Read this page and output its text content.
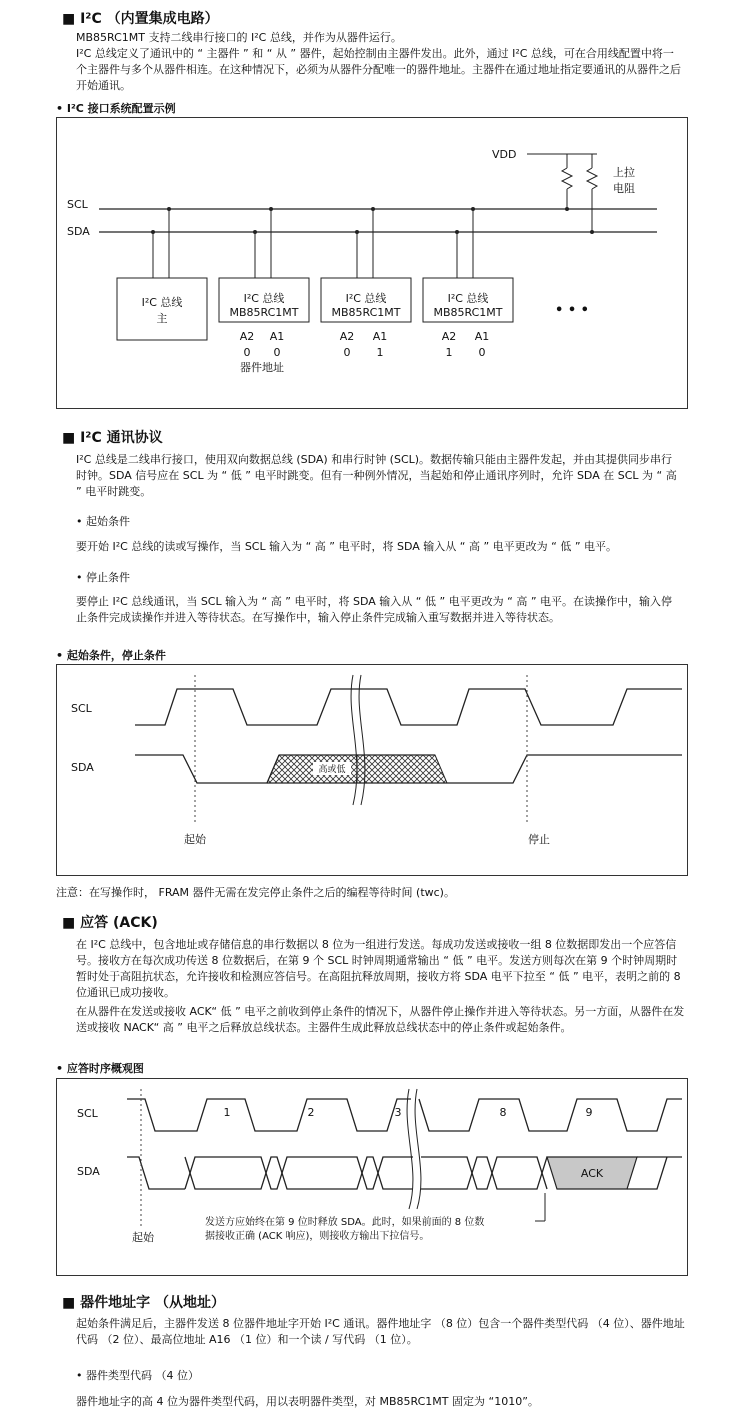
■ I²C （内置集成电路）
MB85RC1MT 支持二线串行接口的 I²C 总线，并作为从器件运行。
I²C 总线定义了通讯中的 “ 主器件 ” 和 “ 从 ” 器件，起始控制由主器件发出。此外，通过 I²C 总线，可在合用线配置中将一个主器件与多个从器件相连。在这种情况下，必须为从器件分配唯一的器件地址。主器件在通过地址指定要通讯的从器件之后开始通讯。
• I²C 接口系统配置示例
VDD
上拉
电阻
SCL
SDA
I²C 总线
主
I²C 总线
MB85RC1MT
A2 A1
0 0
器件地址
I²C 总线
MB85RC1MT
A2 A1
0 1
I²C 总线
MB85RC1MT
A2 A1
1 0
• • •
■ I²C 通讯协议
I²C 总线是二线串行接口，使用双向数据总线 (SDA) 和串行时钟 (SCL)。数据传输只能由主器件发起，并由其提供同步串行时钟。SDA 信号应在 SCL 为 “ 低 ” 电平时跳变。但有一种例外情况，当起始和停止通讯序列时，允许 SDA 在 SCL 为 “ 高 ” 电平时跳变。
• 起始条件
要开始 I²C 总线的读或写操作，当 SCL 输入为 “ 高 ” 电平时，将 SDA 输入从 “ 高 ” 电平更改为 “ 低 ” 电平。
• 停止条件
要停止 I²C 总线通讯，当 SCL 输入为 “ 高 ” 电平时，将 SDA 输入从 “ 低 ” 电平更改为 “ 高 ” 电平。在读操作中，输入停止条件完成读操作并进入等待状态。在写操作中，输入停止条件完成输入重写数据并进入等待状态。
• 起始条件，停止条件
SCL
SDA	高或低
起始	停止
注意：在写操作时， FRAM 器件无需在发完停止条件之后的编程等待时间 (twc)。
■ 应答 (ACK)
在 I²C 总线中，包含地址或存储信息的串行数据以 8 位为一组进行发送。每成功发送或接收一组 8 位数据即发出一个应答信号。接收方在每次成功传送 8 位数据后，在第 9 个 SCL 时钟周期通常输出 “ 低 ” 电平。发送方则每次在第 9 个时钟周期时暂时处于高阻抗状态，允许接收和检测应答信号。在高阻抗释放周期，接收方将 SDA 电平下拉至 “ 低 ” 电平，表明之前的 8 位通讯已成功接收。
在从器件在发送或接收 ACK“ 低 ” 电平之前收到停止条件的情况下，从器件停止操作并进入等待状态。另一方面，从器件在发送或接收 NACK“ 高 ” 电平之后释放总线状态。主器件生成此释放总线状态中的停止条件或起始条件。
• 应答时序概观图
SCL
SDA
1	2	3	8	9
ACK
起始
发送方应始终在第 9 位时释放 SDA。此时，如果前面的 8 位数
据接收正确 (ACK 响应)，则接收方输出下拉信号。
■ 器件地址字 （从地址）
起始条件满足后，主器件发送 8 位器件地址字开始 I²C 通讯。器件地址字 （8 位）包含一个器件类型代码 （4 位）、器件地址代码 （2 位）、最高位地址 A16 （1 位）和一个读 / 写代码 （1 位）。
• 器件类型代码 （4 位）
器件地址字的高 4 位为器件类型代码，用以表明器件类型，对 MB85RC1MT 固定为 “1010”。
